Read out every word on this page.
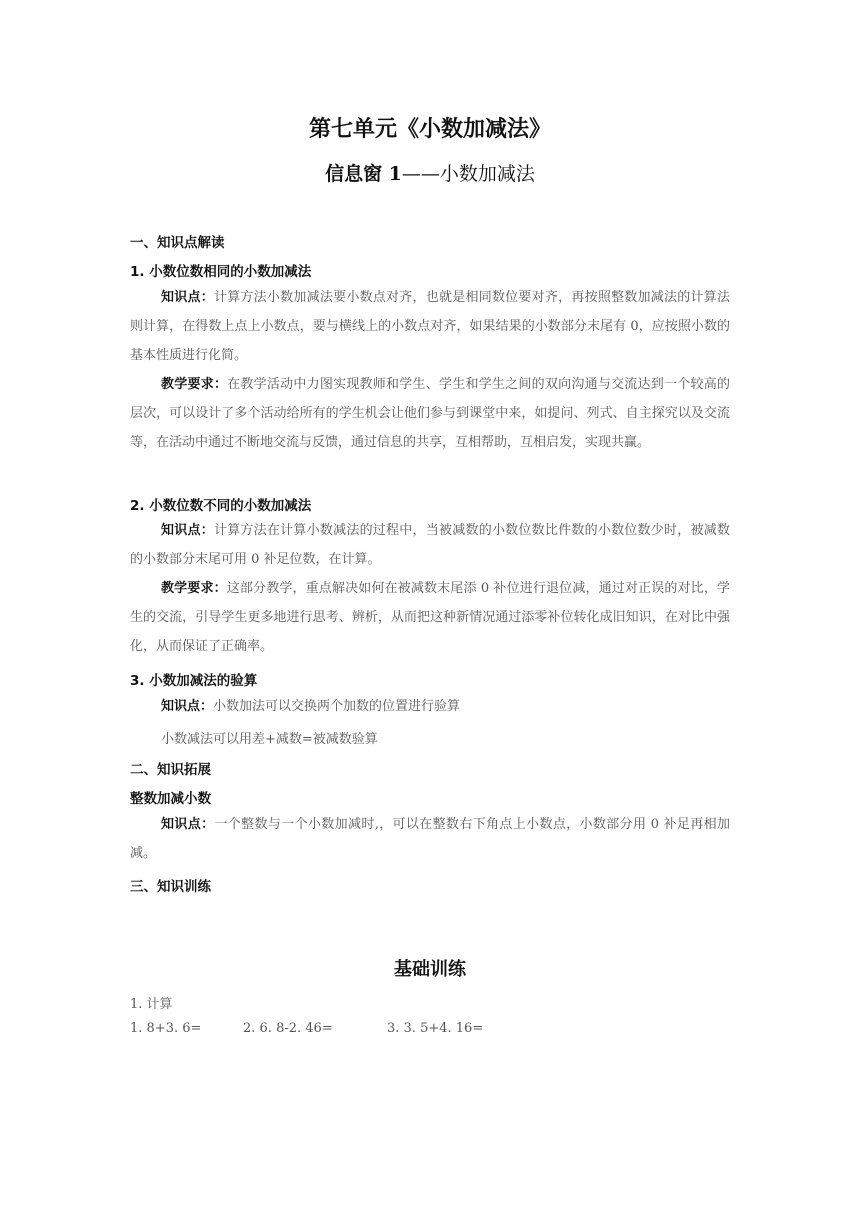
第七单元《小数加减法》
信息窗 1——小数加减法
一、知识点解读
1. 小数位数相同的小数加减法
知识点：计算方法小数加减法要小数点对齐，也就是相同数位要对齐，再按照整数加减法的计算法则计算，在得数上点上小数点，要与横线上的小数点对齐，如果结果的小数部分末尾有 0，应按照小数的基本性质进行化简。
教学要求：在教学活动中力图实现教师和学生、学生和学生之间的双向沟通与交流达到一个较高的层次，可以设计了多个活动给所有的学生机会让他们参与到课堂中来，如提问、列式、自主探究以及交流等，在活动中通过不断地交流与反馈，通过信息的共享，互相帮助，互相启发，实现共赢。
2. 小数位数不同的小数加减法
知识点：计算方法在计算小数减法的过程中，当被减数的小数位数比件数的小数位数少时，被减数的小数部分末尾可用 0 补足位数，在计算。
教学要求：这部分教学，重点解决如何在被减数末尾添 0 补位进行退位减，通过对正误的对比，学生的交流，引导学生更多地进行思考、辨析，从而把这种新情况通过添零补位转化成旧知识，在对比中强化，从而保证了正确率。
3. 小数加减法的验算
知识点：小数加法可以交换两个加数的位置进行验算
小数减法可以用差+减数=被减数验算
二、知识拓展
整数加减小数
知识点：一个整数与一个小数加减时,，可以在整数右下角点上小数点，小数部分用 0 补足再相加减。
三、知识训练
基础训练
1. 计算
1. 8+3. 6=	2. 6. 8-2. 46=	3. 3. 5+4. 16=
